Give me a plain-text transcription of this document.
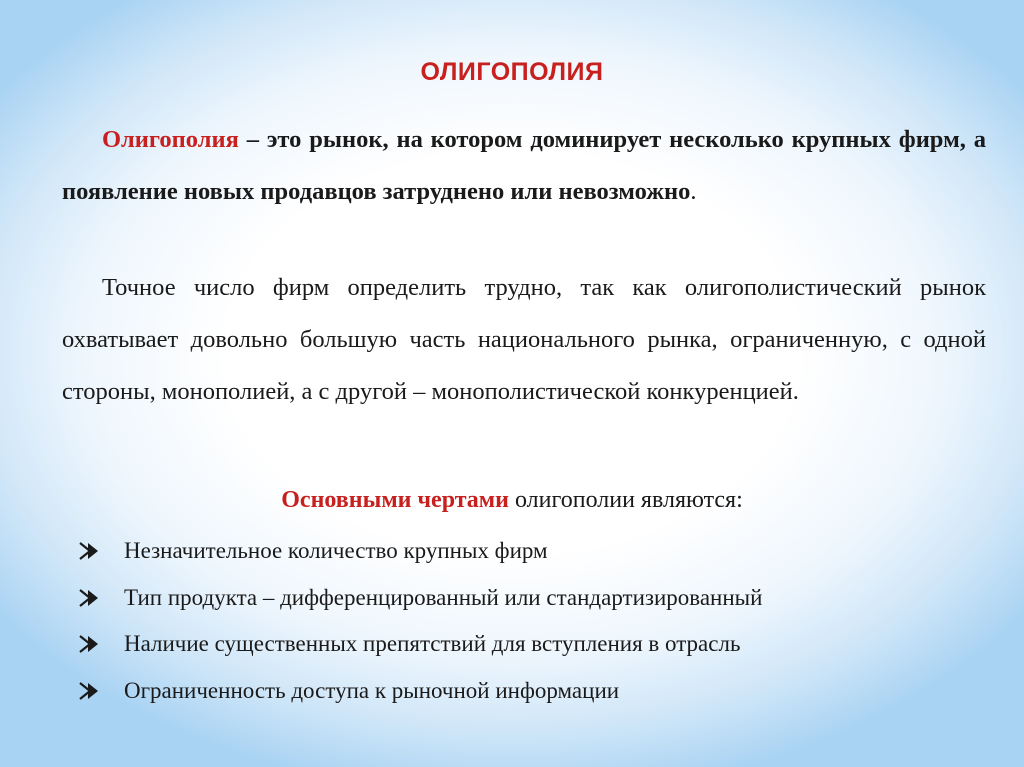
ОЛИГОПОЛИЯ
Олигополия – это рынок, на котором доминирует несколько крупных фирм, а появление новых продавцов затруднено или невозможно.
Точное число фирм определить трудно, так как олигополистический рынок охватывает довольно большую часть национального рынка, ограниченную, с одной стороны, монополией, а с другой – монополистической конкуренцией.
Основными чертами олигополии являются:
Незначительное количество крупных фирм
Тип продукта – дифференцированный или стандартизированный
Наличие существенных препятствий для вступления в отрасль
Ограниченность доступа к рыночной информации
